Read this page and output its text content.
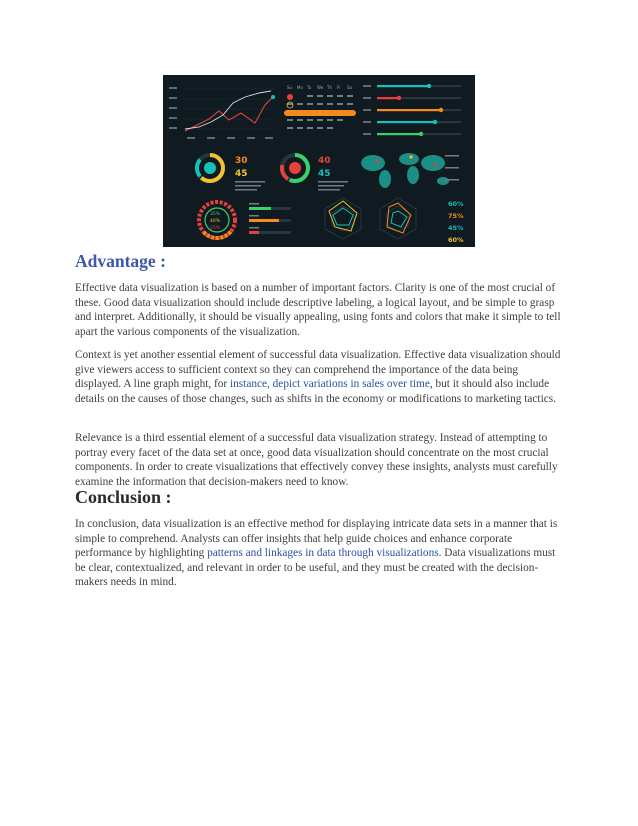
Su Mo Tu We Th Fr Sa
30
45
40
45
35%
40%
15%
60%
75%
45%
60%
Advantage :

Effective data visualization is based on a number of important factors. Clarity is one of the most crucial of these. Good data visualization should include descriptive labeling, a logical layout, and be simple to grasp and interpret. Additionally, it should be visually appealing, using fonts and colors that make it simple to tell apart the various components of the visualization.

Context is yet another essential element of successful data visualization. Effective data visualization should give viewers access to sufficient context so they can comprehend the importance of the data being displayed. A line graph might, for instance, depict variations in sales over time, but it should also include details on the causes of those changes, such as shifts in the economy or modifications to marketing tactics.

Relevance is a third essential element of a successful data visualization strategy. Instead of attempting to portray every facet of the data set at once, good data visualization should concentrate on the most crucial components. In order to create visualizations that effectively convey these insights, analysts must carefully examine the information that decision-makers need to know.

Conclusion :

In conclusion, data visualization is an effective method for displaying intricate data sets in a manner that is simple to comprehend. Analysts can offer insights that help guide choices and enhance corporate performance by highlighting patterns and linkages in data through visualizations. Data visualizations must be clear, contextualized, and relevant in order to be useful, and they must be created with the decision-makers needs in mind.
